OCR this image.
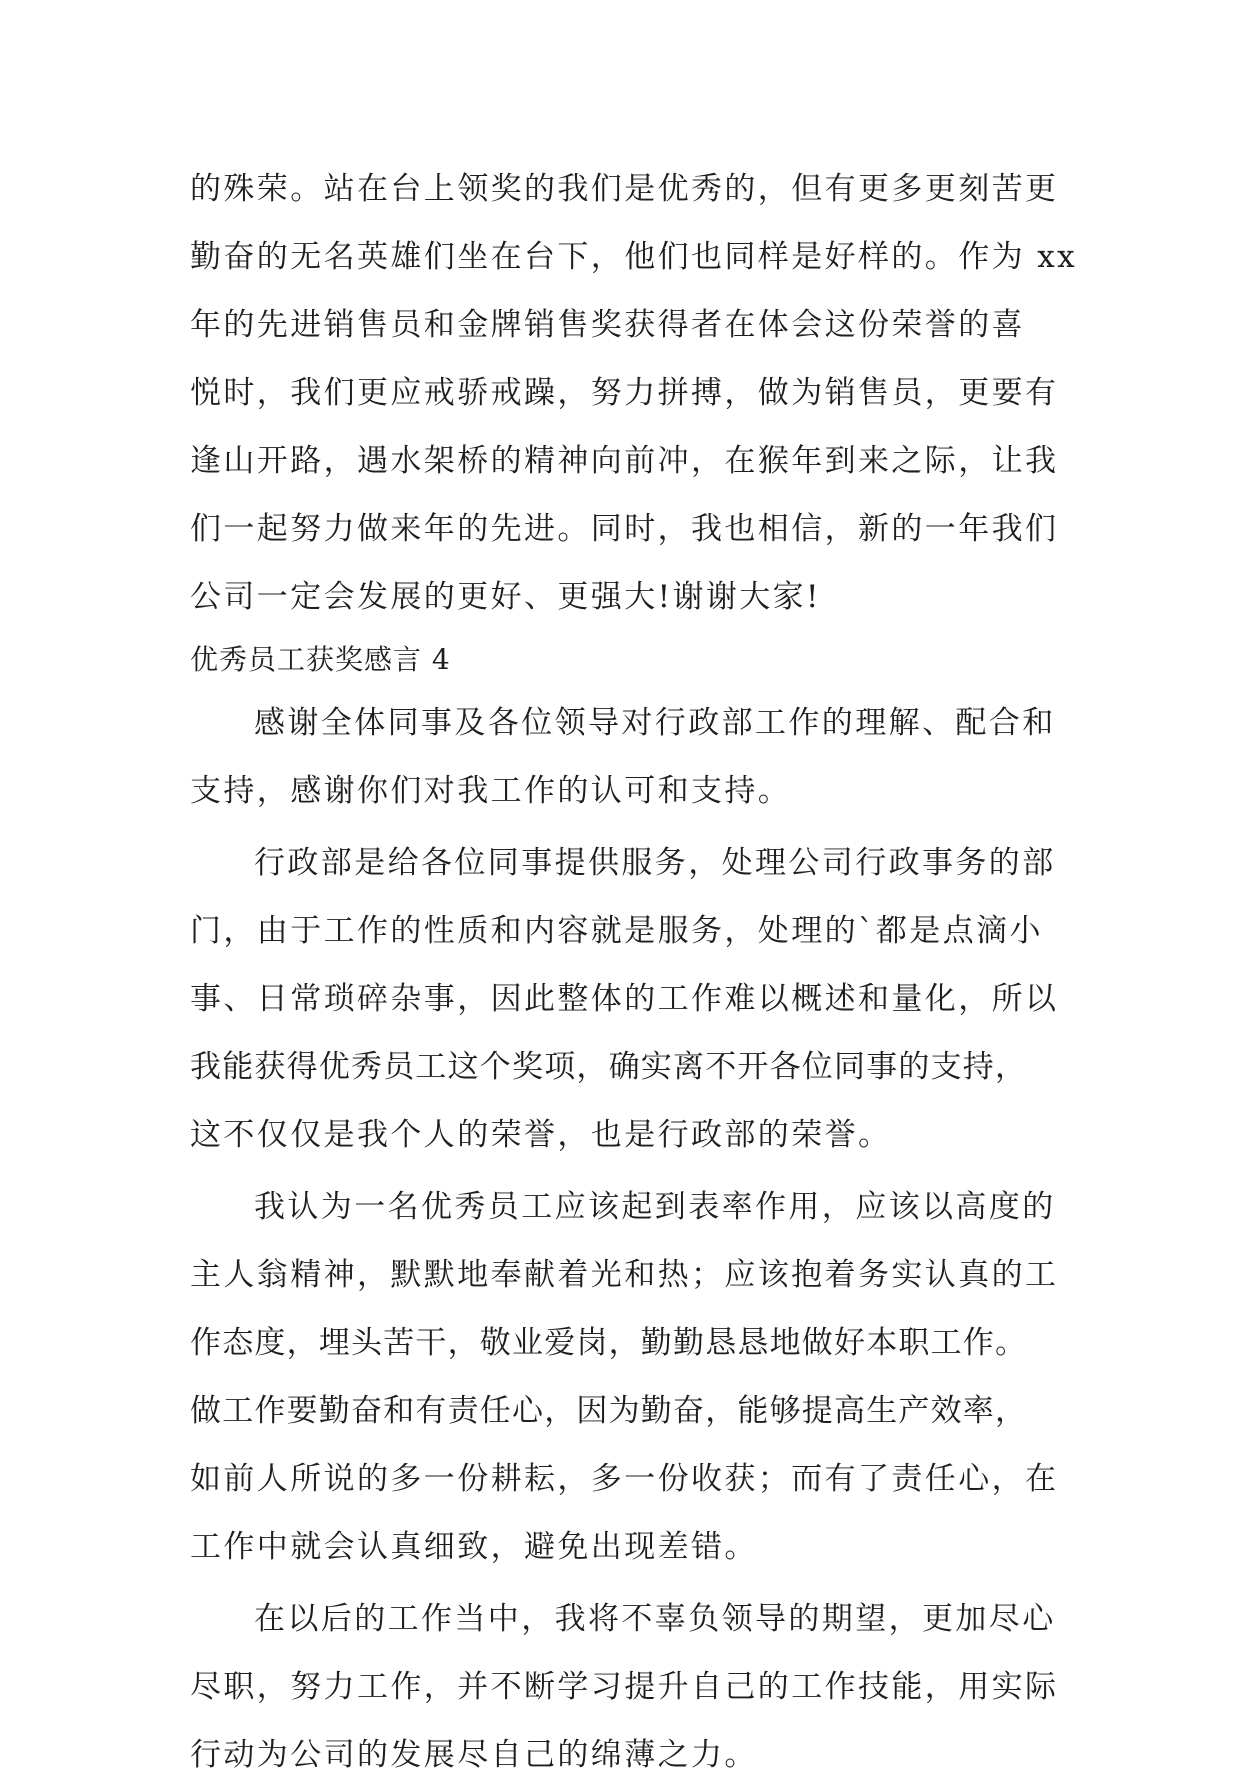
的殊荣。站在台上领奖的我们是优秀的，但有更多更刻苦更
勤奋的无名英雄们坐在台下，他们也同样是好样的。作为 xx
年的先进销售员和金牌销售奖获得者在体会这份荣誉的喜
悦时，我们更应戒骄戒躁，努力拼搏，做为销售员，更要有
逢山开路，遇水架桥的精神向前冲，在猴年到来之际，让我
们一起努力做来年的先进。同时，我也相信，新的一年我们
公司一定会发展的更好、更强大!谢谢大家!
优秀员工获奖感言 4
感谢全体同事及各位领导对行政部工作的理解、配合和
支持，感谢你们对我工作的认可和支持。
行政部是给各位同事提供服务，处理公司行政事务的部
门，由于工作的性质和内容就是服务，处理的`都是点滴小
事、日常琐碎杂事，因此整体的工作难以概述和量化，所以
我能获得优秀员工这个奖项，确实离不开各位同事的支持，
这不仅仅是我个人的荣誉，也是行政部的荣誉。
我认为一名优秀员工应该起到表率作用，应该以高度的
主人翁精神，默默地奉献着光和热；应该抱着务实认真的工
作态度，埋头苦干，敬业爱岗，勤勤恳恳地做好本职工作。
做工作要勤奋和有责任心，因为勤奋，能够提高生产效率，
如前人所说的多一份耕耘，多一份收获；而有了责任心，在
工作中就会认真细致，避免出现差错。
在以后的工作当中，我将不辜负领导的期望，更加尽心
尽职，努力工作，并不断学习提升自己的工作技能，用实际
行动为公司的发展尽自己的绵薄之力。
